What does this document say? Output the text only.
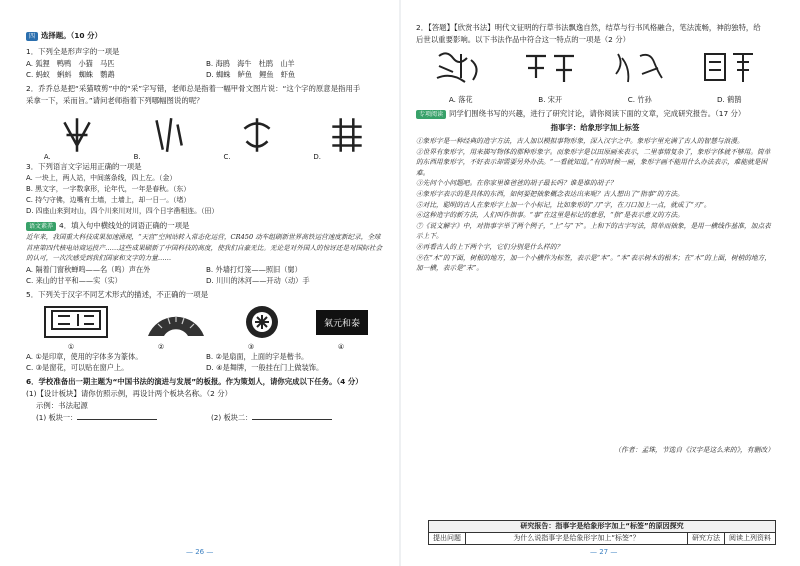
四 选择题。（10 分）

1．下列全是形声字的一项是

A. 狐狸　鸭鸭　小猫　马匹	B. 海鸥　海牛　杜鹃　山羊
C. 蚂蚁　蝌蚪　蜘蛛　鹦鹉	D. 蜘蛛　鲈鱼　鲤鱼　虾鱼

2．乔乔总是把“采猫喷剪”中的“采”字写错，老师总是指着一幅甲骨文图片说：“这个字的原意是指用手采拿一下，采而旨。”请问老师指着下列哪幅图说的呢？

A.	B.	C.	D.

3．下列语言文字运用正确的一项是

A. 一块上，两人站，中间落条线，四上左。（金）

B. 黑文字，一字数拿形，论年代，一年是春秋。（东）

C. 持勺守佛，边嘴有土墙，土墙上，却一日一。（堵）

D. 四座山来到对山，四个川来川对川，四个日字凿相连。（田）

语文素养 4．填入句中横线处的词语正确的一项是

近年来，我国重大科技成果加速涌现，“天宫”空间站转入常态化运营，CR450 动车组刷新世界高铁运营速度新纪录，全球首座第四代核电站商运投产……这些成果刷新了中国科技的高度，使我们自豪无比。无论是对外国人的惊讶还是对国际社会的认可，一次次感受到我们国家和文字的力量……

A. 隔着门窗秋蝉鸣——名（鸣）声在外	B. 外墙打灯笼——照旧（舅）
C. 来山的甘平和——实（实）	D. 川川的沐河——开动（动）手

5．下列关于汉字不同艺术形式的描述，不正确的一项是

氣元和泰
①	②	③	④
A. ①是印章，使用的字体多为篆体。	B. ②是扇面，上面的字是楷书。
C. ③是窗花，可以贴在窗户上。	D. ④是舞牌，一般挂在门上做装饰。

6．学校准备出一期主题为“中国书法的演进与发展”的板报。作为策划人，请你完成以下任务。（4 分）

(1)【设计板块】请你仿照示例，再设计两个板块名称。（2 分）

示例：书法起源

(1) 板块一：	(2) 板块二：
— 26 —

2．【答题】【欣赏书法】明代文征明的行草书法飘逸自然，结草与行书风格融合，笔法流畅，神韵独特，给后世以重要影响。以下书法作品中符合这一特点的一项是（2 分）

A. 落花	B. 宋开	C. 竹孙	D. 鹤鹊

专项阅读 同学们围绕书写的兴趣，进行了研究讨论，请你阅读下面的文章，完成研究报告。（17 分）

指事字：给象形字加上标签

①象形字是一种经典的造字方法，古人加以模拟事物形象，深入汉字之中。象形字里充满了古人的智慧与浪漫。

②世界有象形字，用来描写物体的那种形象字。而象形字是以田原画来表示，二里事情复杂了，象形字体就不够用。简单的东西用象形字，不好表示却需要另外办法。“一看就知道。”有的时候一画，象形字画不能用什么办法表示，难能就是困难。

③先问个小问题吧。在你家里谁爸爸的胡子最长吗？谁是谁的胡子？

④象形字表示的是具体的东西，如何要把抽象概念表达出来呢？古人想出了“指事”的方法。

⑤对比，聪明的古人在象形字上加一个小标记，比如象形的“刀”字，在刀口加上一点，就成了“刃”。

⑥这种造字的新方法，人们叫作指事。“事”在这里是标记的意思，“指”是表示意义的方法。

⑦《说文解字》中，对指事字举了两个例子，“上”与“下”。上和下的古字写法，简单而抽象，是用一横线作基准，加点表示上下。

⑧再看古人的上下两个字，它们分别是什么样的？

⑨在“木”的下面，树根的地方，加一个小横作为标签，表示是“本”。“本”表示树木的根本；在“木”的上面，树梢的地方，加一横，表示是“末”。

（作者：孟珠，节选自《汉字是这么来的》，有删改）

研究报告：指事字是给象形字加上“标签”的原因探究
提出问题	为什么说指事字是给象形字加上“标签”？	研究方法	阅读上列资料
— 27 —
